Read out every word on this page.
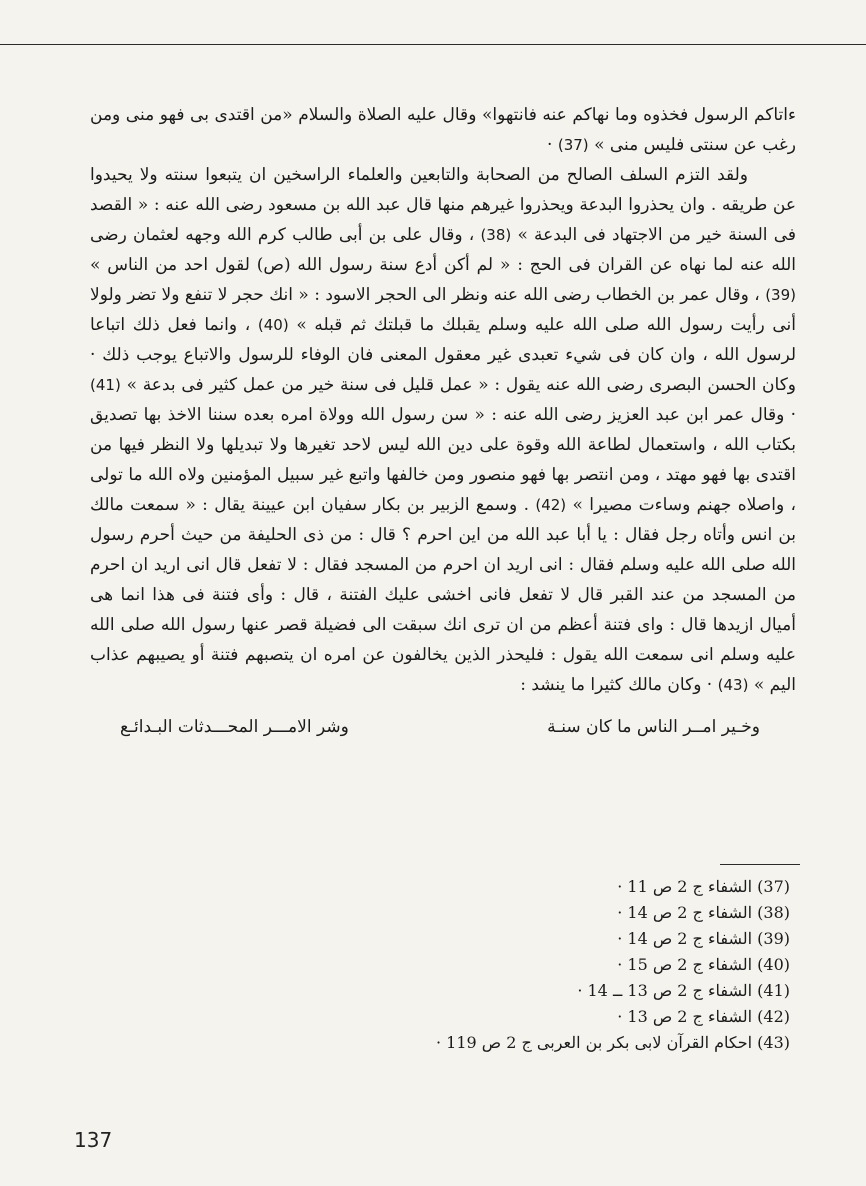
ءاتاكم الرسول فخذوه وما نهاكم عنه فانتهوا» وقال عليه الصلاة والسلام «من اقتدى بى فهو منى ومن رغب عن سنتى فليس منى » (37) ·

ولقد التزم السلف الصالح من الصحابة والتابعين والعلماء الراسخين ان يتبعوا سنته ولا يحيدوا عن طريقه . وان يحذروا البدعة ويحذروا غيرهم منها قال عبد الله بن مسعود رضى الله عنه : « القصد فى السنة خير من الاجتهاد فى البدعة » (38) ، وقال على بن أبى طالب كرم الله وجهه لعثمان رضى الله عنه لما نهاه عن القران فى الحج : « لم أكن أدع سنة رسول الله (ص) لقول احد من الناس » (39) ، وقال عمر بن الخطاب رضى الله عنه ونظر الى الحجر الاسود : « انك حجر لا تنفع ولا تضر ولولا أنى رأيت رسول الله صلى الله عليه وسلم يقبلك ما قبلتك ثم قبله » (40) ، وانما فعل ذلك اتباعا لرسول الله ، وان كان فى شيء تعبدى غير معقول المعنى فان الوفاء للرسول والاتباع يوجب ذلك · وكان الحسن البصرى رضى الله عنه يقول : « عمل قليل فى سنة خير من عمل كثير فى بدعة » (41) · وقال عمر ابن عبد العزيز رضى الله عنه : « سن رسول الله وولاة امره بعده سننا الاخذ بها تصديق بكتاب الله ، واستعمال لطاعة الله وقوة على دين الله ليس لاحد تغيرها ولا تبديلها ولا النظر فيها من اقتدى بها فهو مهتد ، ومن انتصر بها فهو منصور ومن خالفها واتبع غير سبيل المؤمنين ولاه الله ما تولى ، واصلاه جهنم وساءت مصيرا » (42) . وسمع الزبير بن بكار سفيان ابن عيينة يقال : « سمعت مالك بن انس وأتاه رجل فقال : يا أبا عبد الله من اين احرم ؟ قال : من ذى الحليفة من حيث أحرم رسول الله صلى الله عليه وسلم فقال : انى اريد ان احرم من المسجد فقال : لا تفعل قال انى اريد ان احرم من المسجد من عند القبر قال لا تفعل فانى اخشى عليك الفتنة ، قال : وأى فتنة فى هذا انما هى أميال ازيدها قال : واى فتنة أعظم من ان ترى انك سبقت الى فضيلة قصر عنها رسول الله صلى الله عليه وسلم انى سمعت الله يقول : فليحذر الذين يخالفون عن امره ان يتصبهم فتنة أو يصيبهم عذاب اليم » (43) · وكان مالك كثيرا ما ينشد :

وخـير امــر الناس ما كان سنـة
وشر الامـــر المحـــدثات البـدائـع

(37) الشفاء ج 2 ص 11 ·

(38) الشفاء ج 2 ص 14 ·

(39) الشفاء ج 2 ص 14 ·

(40) الشفاء ج 2 ص 15 ·

(41) الشفاء ج 2 ص 13 ــ 14 ·

(42) الشفاء ج 2 ص 13 ·

(43) احكام القرآن لابى بكر بن العربى ج 2 ص 119 ·

137
